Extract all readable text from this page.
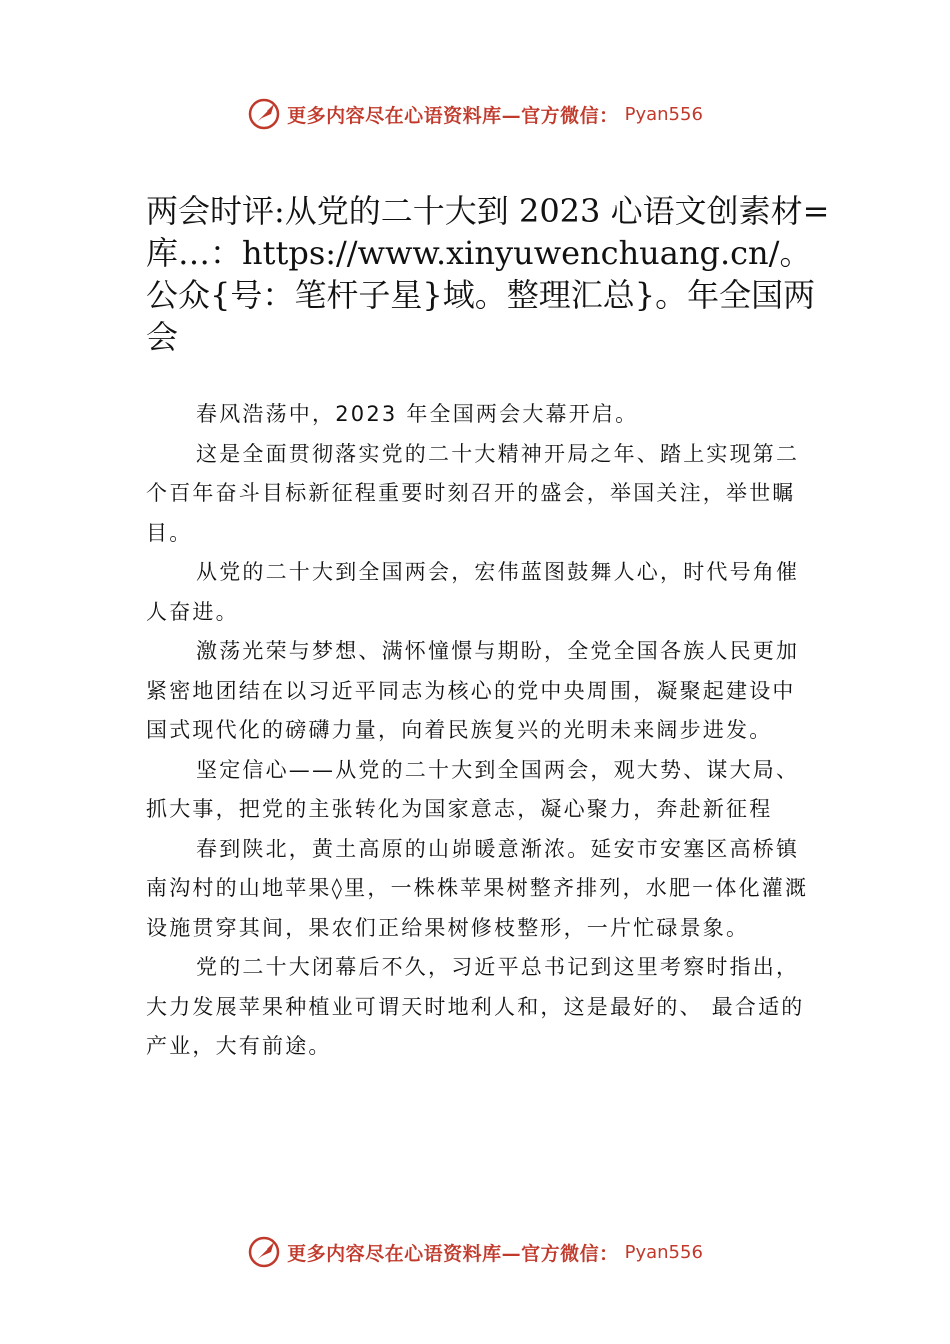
更多内容尽在心语资料库—官方微信： Pyan556
两会时评:从党的二十大到 2023 心语文创素材=库…：https://www.xinyuwenchuang.cn/。公众{号：笔杆子星}域。整理汇总}。年全国两会

春风浩荡中，2023 年全国两会大幕开启。

这是全面贯彻落实党的二十大精神开局之年、踏上实现第二个百年奋斗目标新征程重要时刻召开的盛会，举国关注，举世瞩目。

从党的二十大到全国两会，宏伟蓝图鼓舞人心，时代号角催人奋进。

激荡光荣与梦想、满怀憧憬与期盼，全党全国各族人民更加紧密地团结在以习近平同志为核心的党中央周围，凝聚起建设中国式现代化的磅礴力量，向着民族复兴的光明未来阔步进发。

坚定信心——从党的二十大到全国两会，观大势、谋大局、抓大事，把党的主张转化为国家意志，凝心聚力，奔赴新征程

春到陕北，黄土高原的山峁暖意渐浓。延安市安塞区高桥镇南沟村的山地苹果◊里，一株株苹果树整齐排列，水肥一体化灌溉设施贯穿其间，果农们正给果树修枝整形，一片忙碌景象。

党的二十大闭幕后不久，习近平总书记到这里考察时指出，大力发展苹果种植业可谓天时地利人和，这是最好的、 最合适的产业，大有前途。

更多内容尽在心语资料库—官方微信： Pyan556
